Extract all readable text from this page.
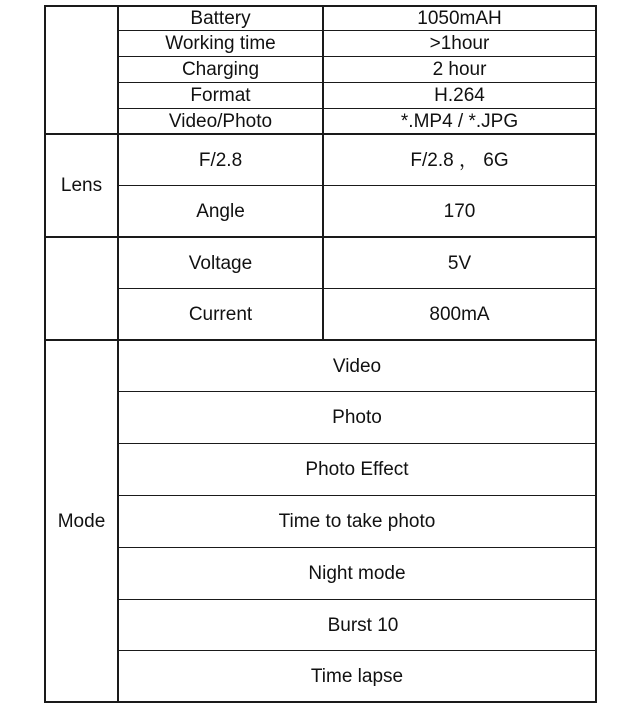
Battery	1050mAH
Working time	>1hour
Charging	2 hour
Format	H.264
Video/Photo	*.MP4 / *.JPG
Lens
F/2.8	F/2.8 ， 6G
Angle	170
Voltage	5V
Current	800mA
Mode
Video
Photo
Photo Effect
Time to take photo
Night mode
Burst 10
Time lapse
